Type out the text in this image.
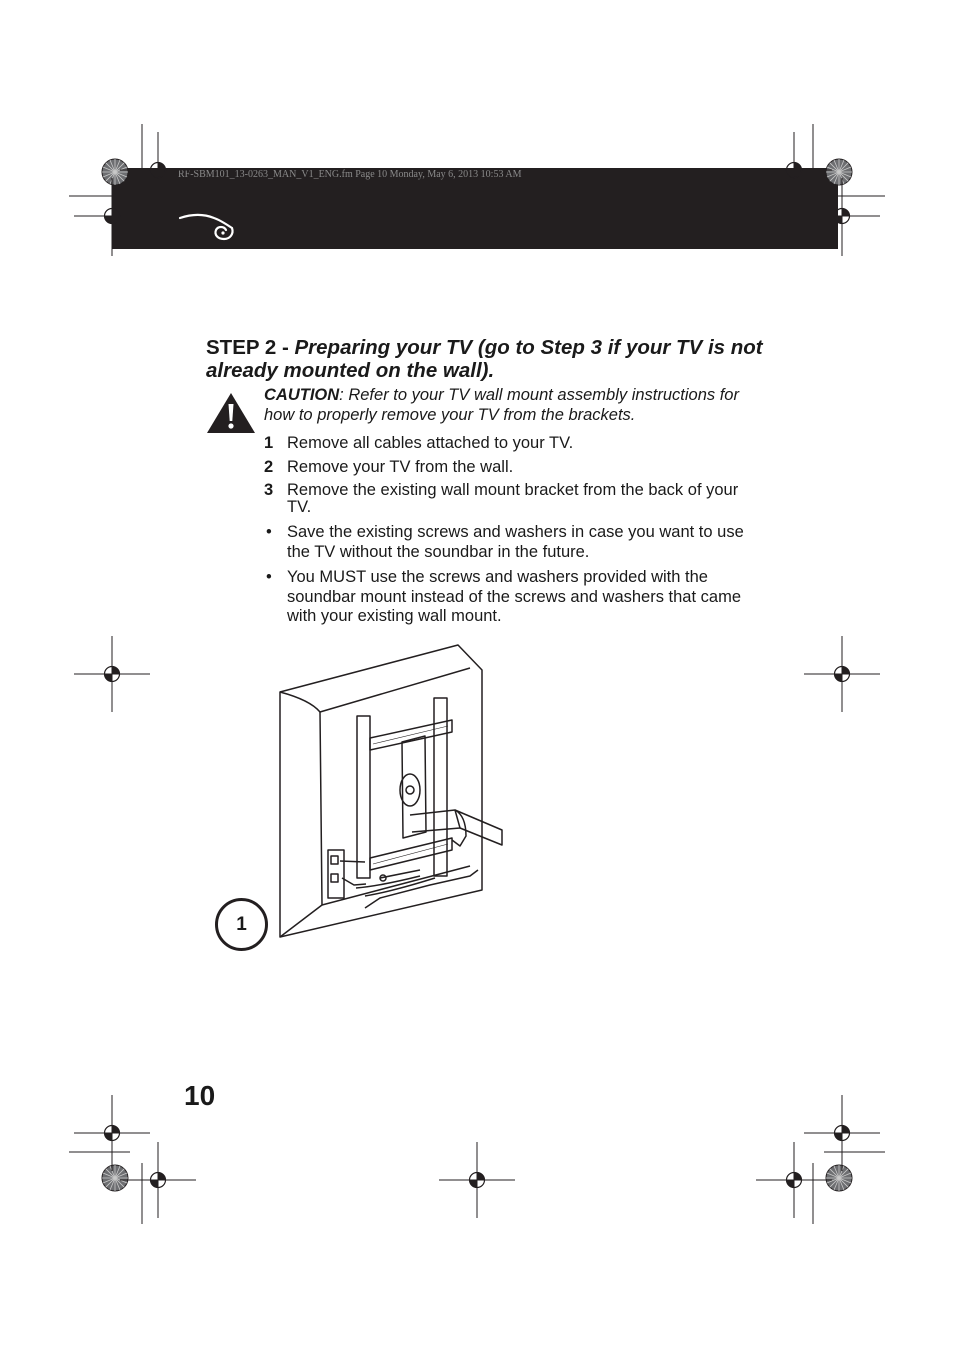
RF-SBM101_13-0263_MAN_V1_ENG.fm Page 10 Monday, May 6, 2013 10:53 AM
STEP 2 - Preparing your TV (go to Step 3 if your TV is not already mounted on the wall).
CAUTION: Refer to your TV wall mount assembly instructions for how to properly remove your TV from the brackets.
1 Remove all cables attached to your TV.
2 Remove your TV from the wall.
3 Remove the existing wall mount bracket from the back of your TV.
• Save the existing screws and washers in case you want to use the TV without the soundbar in the future.
• You MUST use the screws and washers provided with the soundbar mount instead of the screws and washers that came with your existing wall mount.
1
10
